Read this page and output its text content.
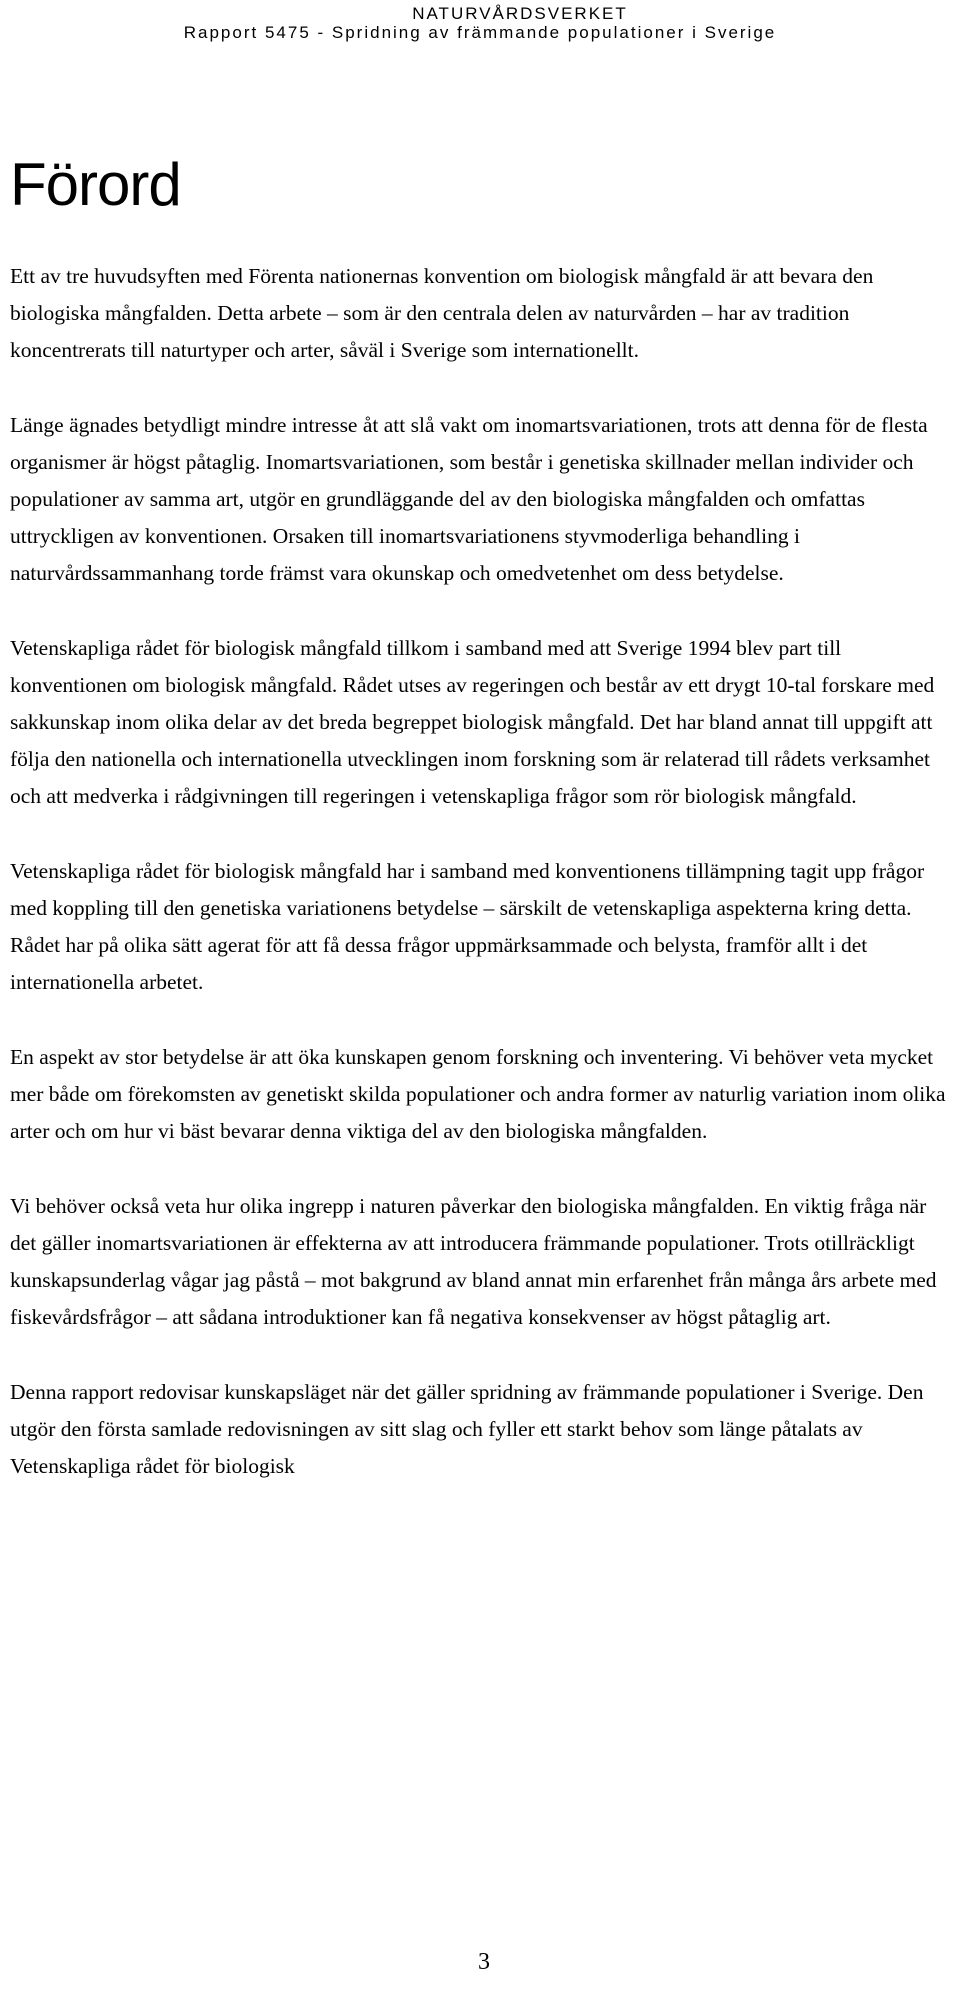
NATURVÅRDSVERKET
Rapport 5475 - Spridning av främmande populationer i Sverige
Förord

Ett av tre huvudsyften med Förenta nationernas konvention om biologisk mångfald är att bevara den biologiska mångfalden. Detta arbete – som är den centrala delen av naturvården – har av tradition koncentrerats till naturtyper och arter, såväl i Sverige som internationellt.

Länge ägnades betydligt mindre intresse åt att slå vakt om inomartsvariationen, trots att denna för de flesta organismer är högst påtaglig. Inomartsvariationen, som består i genetiska skillnader mellan individer och populationer av samma art, utgör en grundläggande del av den biologiska mångfalden och omfattas uttryckligen av konventionen. Orsaken till inomartsvariationens styvmoderliga behandling i naturvårdssammanhang torde främst vara okunskap och omedvetenhet om dess betydelse.

Vetenskapliga rådet för biologisk mångfald tillkom i samband med att Sverige 1994 blev part till konventionen om biologisk mångfald. Rådet utses av regeringen och består av ett drygt 10-tal forskare med sakkunskap inom olika delar av det breda begreppet biologisk mångfald. Det har bland annat till uppgift att följa den nationella och internationella utvecklingen inom forskning som är relaterad till rådets verksamhet och att medverka i rådgivningen till regeringen i vetenskapliga frågor som rör biologisk mångfald.

Vetenskapliga rådet för biologisk mångfald har i samband med konventionens tillämpning tagit upp frågor med koppling till den genetiska variationens betydelse – särskilt de vetenskapliga aspekterna kring detta. Rådet har på olika sätt agerat för att få dessa frågor uppmärksammade och belysta, framför allt i det internationella arbetet.

En aspekt av stor betydelse är att öka kunskapen genom forskning och inventering. Vi behöver veta mycket mer både om förekomsten av genetiskt skilda populationer och andra former av naturlig variation inom olika arter och om hur vi bäst bevarar denna viktiga del av den biologiska mångfalden.

Vi behöver också veta hur olika ingrepp i naturen påverkar den biologiska mångfalden. En viktig fråga när det gäller inomartsvariationen är effekterna av att introducera främmande populationer. Trots otillräckligt kunskapsunderlag vågar jag påstå – mot bakgrund av bland annat min erfarenhet från många års arbete med fiskevårdsfrågor – att sådana introduktioner kan få negativa konsekvenser av högst påtaglig art.

Denna rapport redovisar kunskapsläget när det gäller spridning av främmande populationer i Sverige. Den utgör den första samlade redovisningen av sitt slag och fyller ett starkt behov som länge påtalats av Vetenskapliga rådet för biologisk

3
